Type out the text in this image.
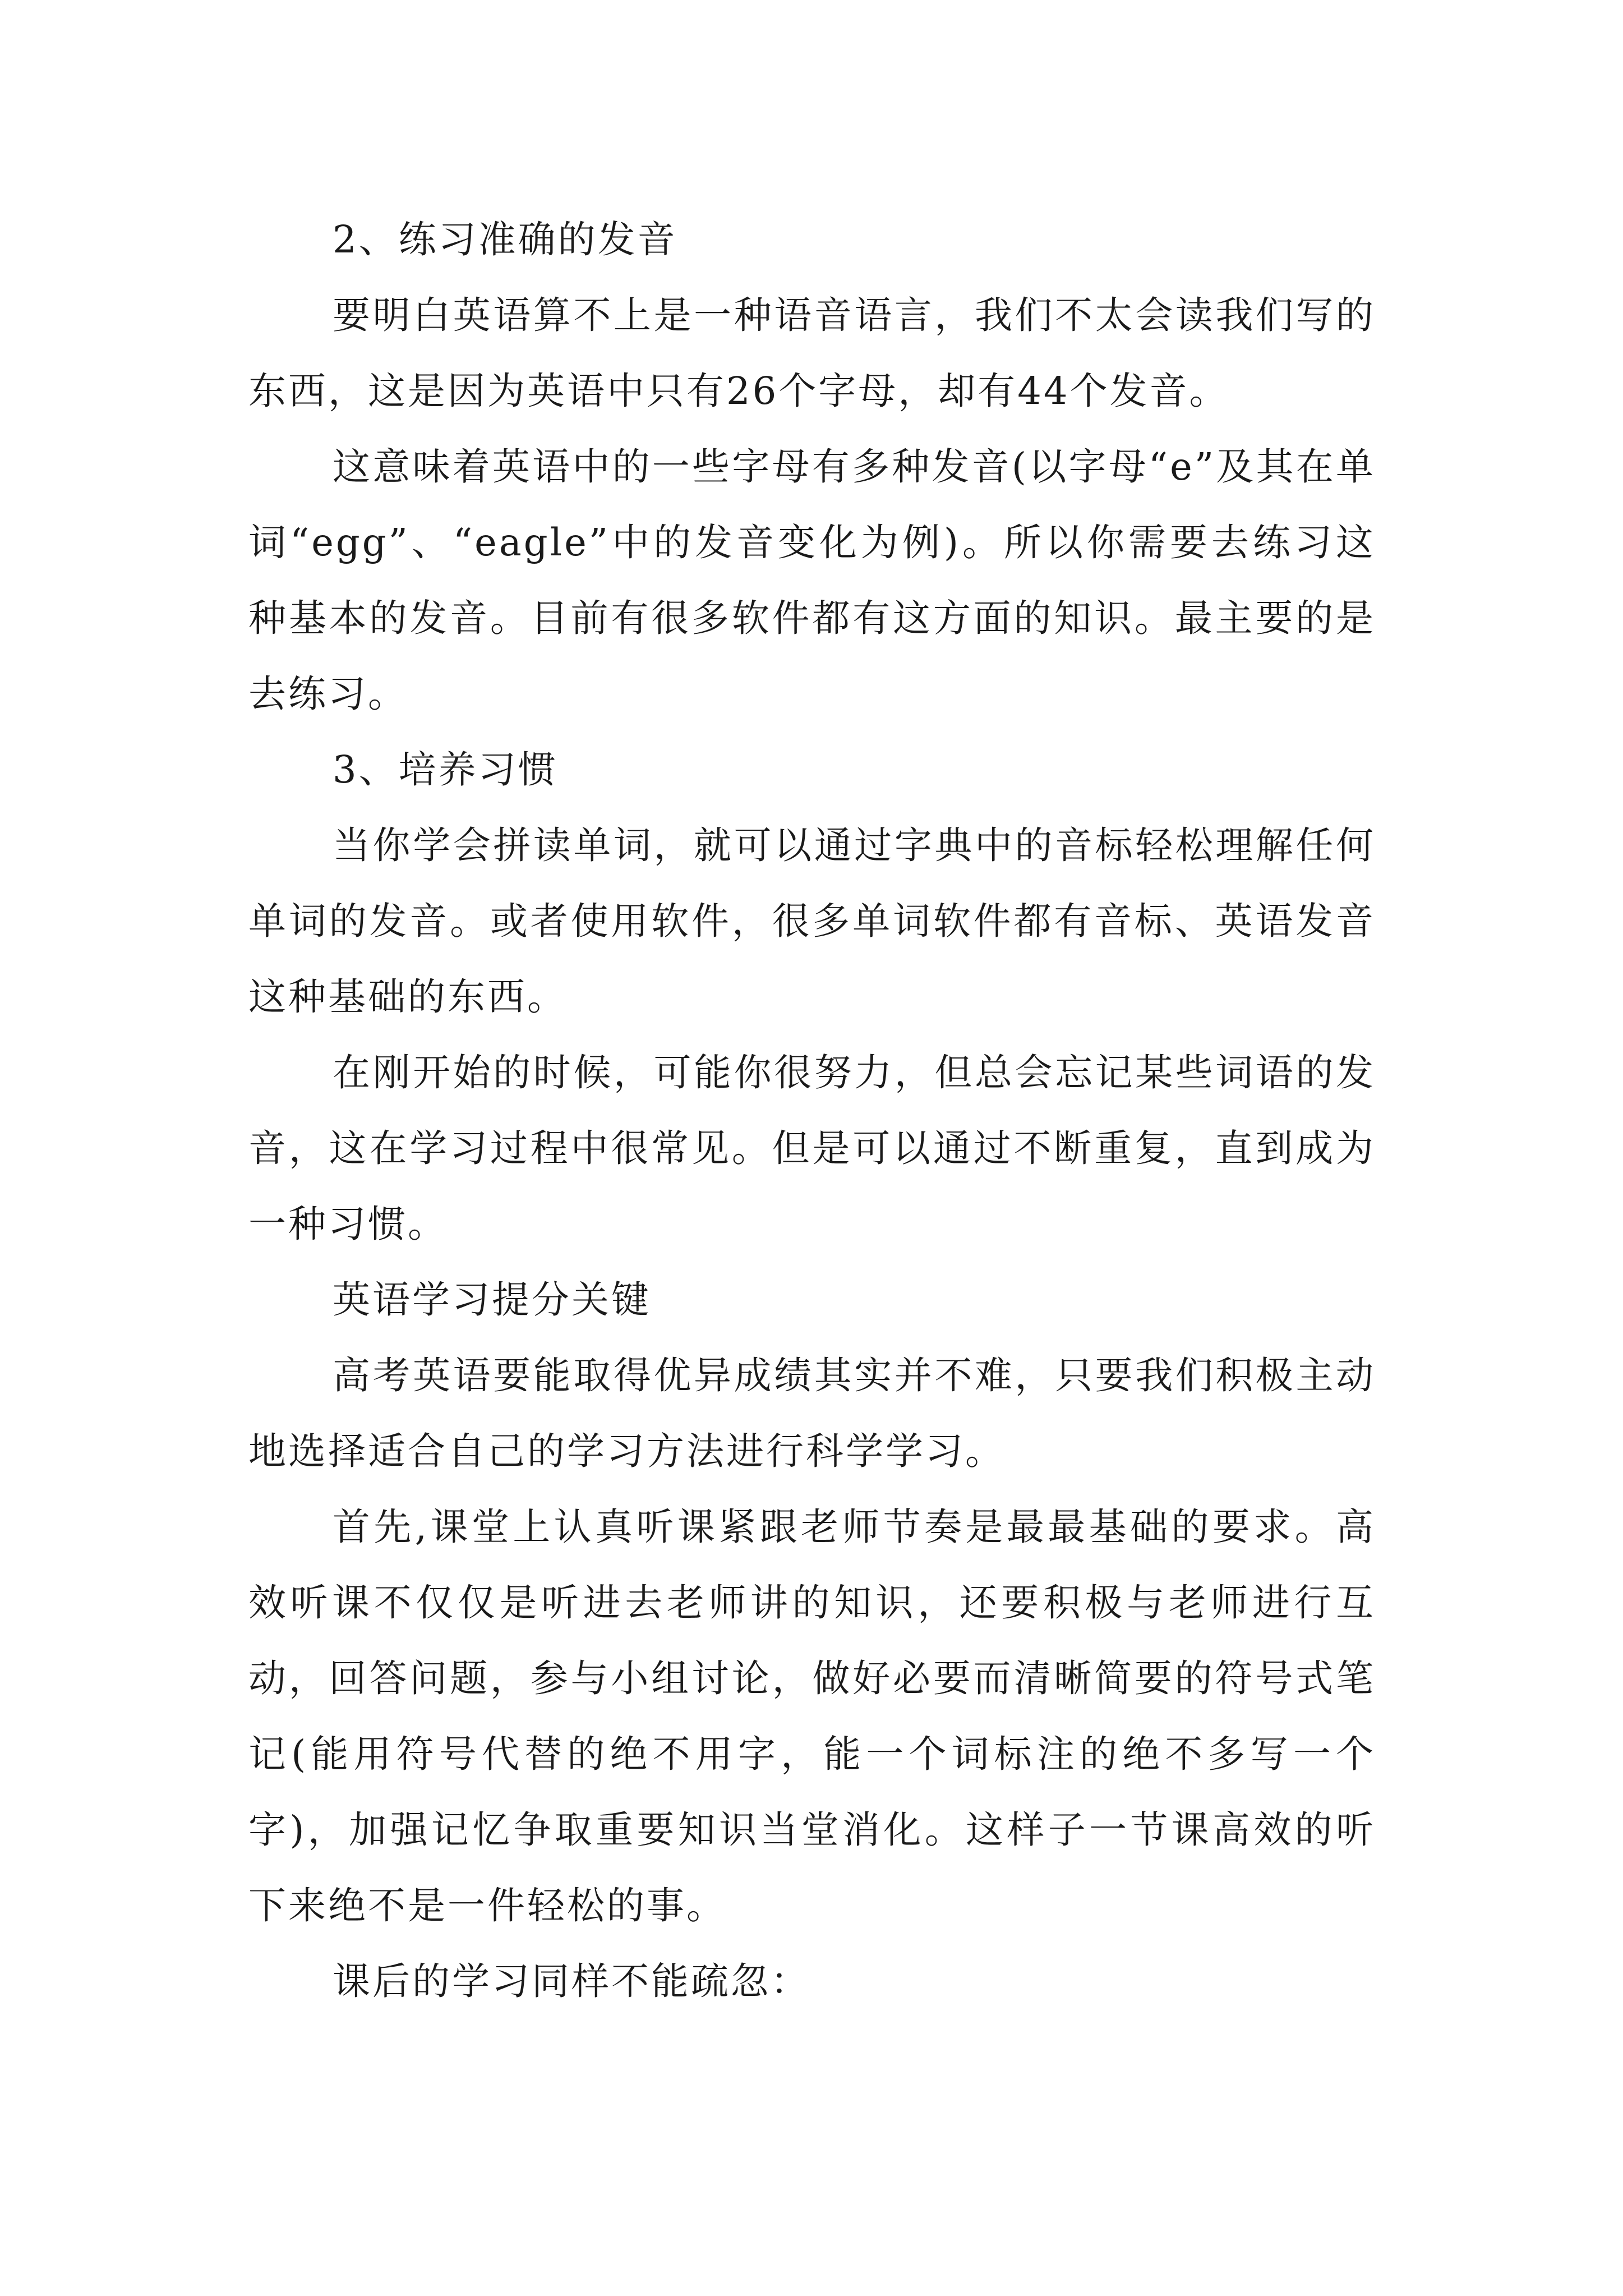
2、练习准确的发音

要明白英语算不上是一种语音语言，我们不太会读我们写的东西，这是因为英语中只有26个字母，却有44个发音。

这意味着英语中的一些字母有多种发音(以字母“e”及其在单词“egg”、“eagle”中的发音变化为例)。所以你需要去练习这种基本的发音。目前有很多软件都有这方面的知识。最主要的是去练习。

3、培养习惯

当你学会拼读单词，就可以通过字典中的音标轻松理解任何单词的发音。或者使用软件，很多单词软件都有音标、英语发音这种基础的东西。

在刚开始的时候，可能你很努力，但总会忘记某些词语的发音，这在学习过程中很常见。但是可以通过不断重复，直到成为一种习惯。

英语学习提分关键

高考英语要能取得优异成绩其实并不难，只要我们积极主动地选择适合自己的学习方法进行科学学习。

首先,课堂上认真听课紧跟老师节奏是最最基础的要求。高效听课不仅仅是听进去老师讲的知识，还要积极与老师进行互动，回答问题，参与小组讨论，做好必要而清晰简要的符号式笔记(能用符号代替的绝不用字，能一个词标注的绝不多写一个字)，加强记忆争取重要知识当堂消化。这样子一节课高效的听下来绝不是一件轻松的事。

课后的学习同样不能疏忽：
